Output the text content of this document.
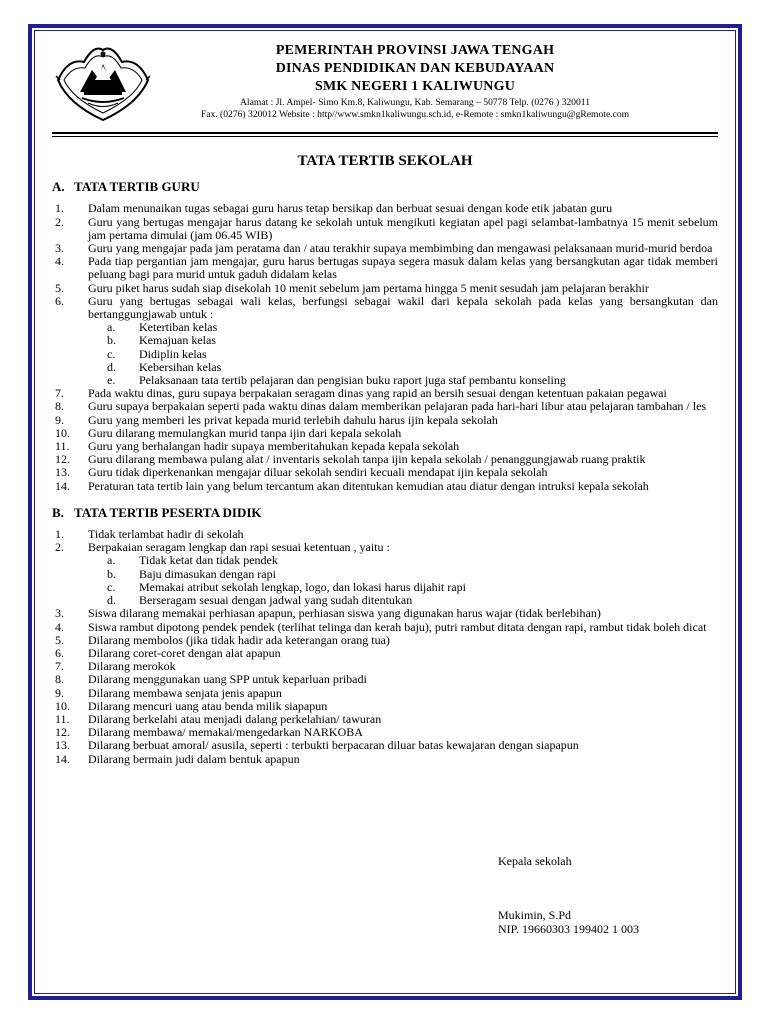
PEMERINTAH PROVINSI JAWA TENGAH
DINAS PENDIDIKAN DAN KEBUDAYAAN
SMK NEGERI 1 KALIWUNGU
Alamat : Jl. Ampel- Simo Km.8, Kaliwungu, Kab. Semarang – 50778 Telp. (0276 ) 320011
Fax. (0276) 320012 Website : http//www.smkn1kaliwungu.sch.id, e-Remote : smkn1kaliwungu@gRemote.com
TATA TERTIB SEKOLAH
A. TATA TERTIB GURU
1.	Dalam menunaikan tugas sebagai guru harus tetap bersikap dan berbuat sesuai dengan kode etik jabatan guru
2.	Guru yang bertugas mengajar harus datang ke sekolah untuk mengikuti kegiatan apel pagi selambat-lambatnya 15 menit sebelum jam pertama dimulai (jam 06.45 WIB)
3.	Guru yang mengajar pada jam peratama dan / atau terakhir supaya membimbing dan mengawasi pelaksanaan murid-murid berdoa
4.	Pada tiap pergantian jam mengajar, guru harus bertugas supaya segera masuk dalam kelas yang bersangkutan agar tidak memberi peluang bagi para murid untuk gaduh didalam kelas
5.	Guru piket harus sudah siap disekolah 10 menit sebelum jam pertama hingga 5 menit sesudah jam pelajaran berakhir
6.	Guru yang bertugas sebagai wali kelas, berfungsi sebagai wakil dari kepala sekolah pada kelas yang bersangkutan dan bertanggungjawab untuk :
a.	Ketertiban kelas
b.	Kemajuan kelas
c.	Didiplin kelas
d.	Kebersihan kelas
e.	Pelaksanaan tata tertib pelajaran dan pengisian buku raport juga staf pembantu konseling
7.	Pada waktu dinas, guru supaya berpakaian seragam dinas yang rapid an bersih sesuai dengan ketentuan pakaian pegawai
8.	Guru supaya berpakaian seperti pada waktu dinas dalam memberikan pelajaran pada hari-hari libur atau pelajaran tambahan / les
9.	Guru yang memberi les privat kepada murid terlebih dahulu harus ijin kepala sekolah
10.	Guru dilarang memulangkan murid tanpa ijin dari kepala sekolah
11.	Guru yang berhalangan hadir supaya memberitahukan kepada kepala sekolah
12.	Guru dilarang membawa pulang alat / inventaris sekolah tanpa ijin kepala sekolah / penanggungjawab ruang praktik
13.	Guru tidak diperkenankan mengajar diluar sekolah sendiri kecuali mendapat ijin kepala sekolah
14.	Peraturan tata tertib lain yang belum tercantum akan ditentukan kemudian atau diatur dengan intruksi kepala sekolah
B. TATA TERTIB PESERTA DIDIK
1.	Tidak terlambat hadir di sekolah
2.	Berpakaian seragam lengkap dan rapi sesuai ketentuan , yaitu :
a.	Tidak ketat dan tidak pendek
b.	Baju dimasukan dengan rapi
c.	Memakai atribut sekolah lengkap, logo, dan lokasi harus dijahit rapi
d.	Berseragam sesuai dengan jadwal yang sudah ditentukan
3.	Siswa dilarang memakai perhiasan apapun, perhiasan siswa yang digunakan harus wajar (tidak berlebihan)
4.	Siswa rambut dipotong pendek pendek (terlihat telinga dan kerah baju), putri rambut ditata dengan rapi, rambut tidak boleh dicat
5.	Dilarang membolos (jika tidak hadir ada keterangan orang tua)
6.	Dilarang coret-coret dengan alat apapun
7.	Dilarang merokok
8.	Dilarang menggunakan uang SPP untuk keparluan pribadi
9.	Dilarang membawa senjata jenis apapun
10.	Dilarang mencuri uang atau benda milik siapapun
11.	Dilarang berkelahi atau menjadi dalang perkelahian/ tawuran
12.	Dilarang membawa/ memakai/mengedarkan NARKOBA
13.	Dilarang berbuat amoral/ asusila, seperti : terbukti berpacaran diluar batas kewajaran dengan siapapun
14.	Dilarang bermain judi dalam bentuk apapun
Kepala sekolah
Mukimin, S.Pd
NIP. 19660303 199402 1 003
